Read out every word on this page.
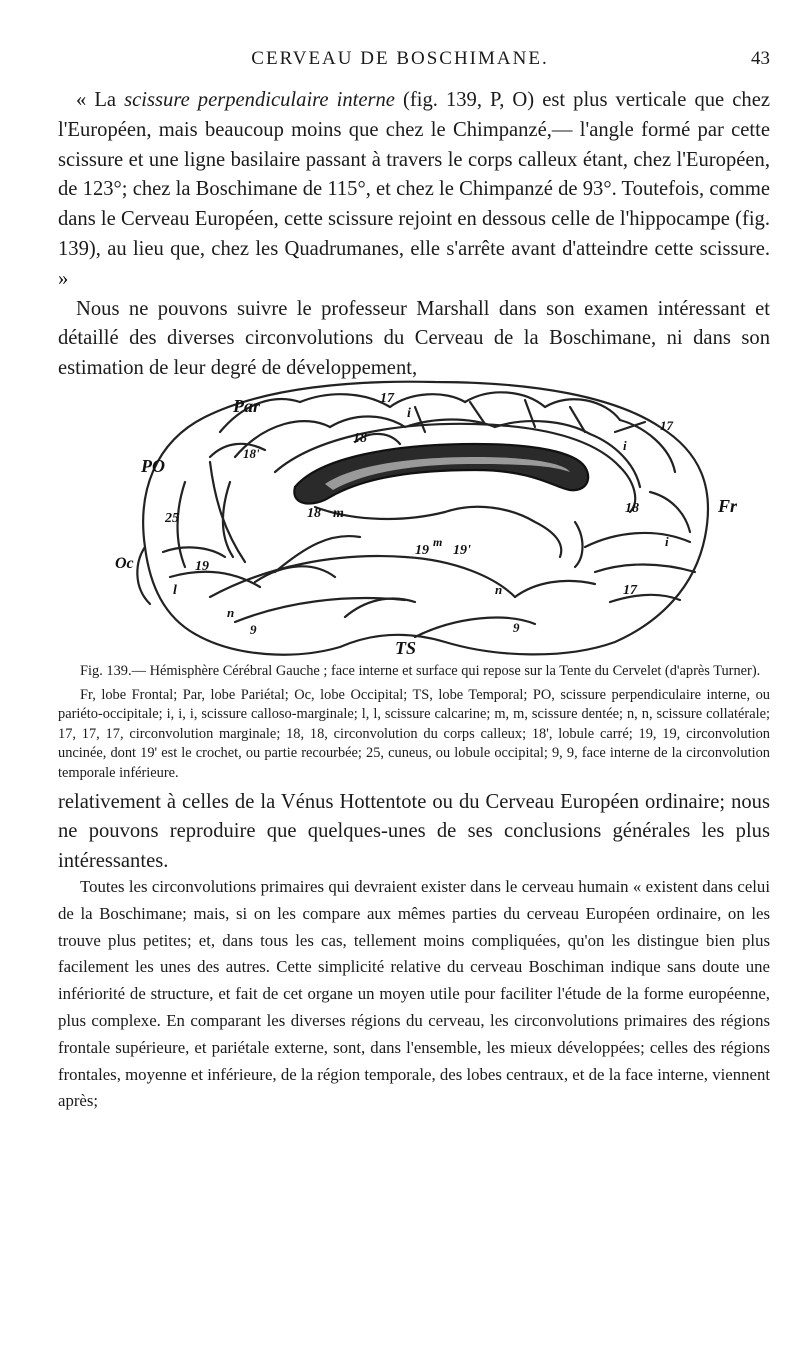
CERVEAU DE BOSCHIMANE.	43

« La scissure perpendiculaire interne (fig. 139, P, O) est plus verticale que chez l'Européen, mais beaucoup moins que chez le Chimpanzé,— l'angle formé par cette scissure et une ligne basilaire passant à travers le corps calleux étant, chez l'Européen, de 123°; chez la Boschimane de 115°, et chez le Chimpanzé de 93°. Toutefois, comme dans le Cerveau Européen, cette scissure rejoint en dessous celle de l'hippocampe (fig. 139), au lieu que, chez les Quadrumanes, elle s'arrête avant d'atteindre cette scissure. »

Nous ne pouvons suivre le professeur Marshall dans son examen intéressant et détaillé des diverses circonvolutions du Cerveau de la Boschimane, ni dans son estimation de leur degré de développement,

Par
PO
Oc
Fr
TS
17
i
18
18'
25	18 m
19
19
m
19'
18
17
17
i
i
l
n
n
9	9

Fig. 139.— Hémisphère Cérébral Gauche ; face interne et surface qui repose sur la Tente du Cervelet (d'après Turner).

Fr, lobe Frontal; Par, lobe Pariétal; Oc, lobe Occipital; TS, lobe Temporal; PO, scissure perpendiculaire interne, ou pariéto-occipitale; i, i, i, scissure calloso-marginale; l, l, scissure calcarine; m, m, scissure dentée; n, n, scissure collatérale; 17, 17, 17, circonvolution marginale; 18, 18, circonvolution du corps calleux; 18', lobule carré; 19, 19, circonvolution uncinée, dont 19' est le crochet, ou partie recourbée; 25, cuneus, ou lobule occipital; 9, 9, face interne de la circonvolution temporale inférieure.

relativement à celles de la Vénus Hottentote ou du Cerveau Européen ordinaire; nous ne pouvons reproduire que quelques-unes de ses conclusions générales les plus intéressantes.

Toutes les circonvolutions primaires qui devraient exister dans le cerveau humain « existent dans celui de la Boschimane; mais, si on les compare aux mêmes parties du cerveau Européen ordinaire, on les trouve plus petites; et, dans tous les cas, tellement moins compliquées, qu'on les distingue bien plus facilement les unes des autres. Cette simplicité relative du cerveau Boschiman indique sans doute une infériorité de structure, et fait de cet organe un moyen utile pour faciliter l'étude de la forme européenne, plus complexe. En comparant les diverses régions du cerveau, les circonvolutions primaires des régions frontale supérieure, et pariétale externe, sont, dans l'ensemble, les mieux développées; celles des régions frontales, moyenne et inférieure, de la région temporale, des lobes centraux, et de la face interne, viennent après;
